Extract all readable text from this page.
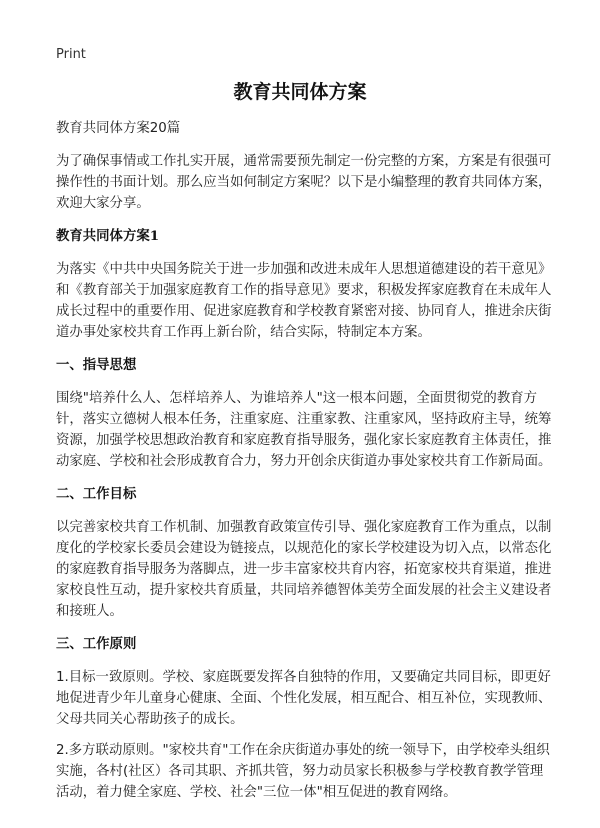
Print
教育共同体方案

教育共同体方案20篇

为了确保事情或工作扎实开展，通常需要预先制定一份完整的方案，方案是有很强可操作性的书面计划。那么应当如何制定方案呢？以下是小编整理的教育共同体方案，欢迎大家分享。

教育共同体方案1

为落实《中共中央国务院关于进一步加强和改进未成年人思想道德建设的若干意见》和《教育部关于加强家庭教育工作的指导意见》要求，积极发挥家庭教育在未成年人成长过程中的重要作用、促进家庭教育和学校教育紧密对接、协同育人，推进余庆街道办事处家校共育工作再上新台阶，结合实际，特制定本方案。

一、指导思想

围绕"培养什么人、怎样培养人、为谁培养人"这一根本问题，全面贯彻党的教育方针，落实立德树人根本任务，注重家庭、注重家教、注重家风，坚持政府主导，统筹资源，加强学校思想政治教育和家庭教育指导服务，强化家长家庭教育主体责任，推动家庭、学校和社会形成教育合力，努力开创余庆街道办事处家校共育工作新局面。

二、工作目标

以完善家校共育工作机制、加强教育政策宣传引导、强化家庭教育工作为重点，以制度化的学校家长委员会建设为链接点，以规范化的家长学校建设为切入点，以常态化的家庭教育指导服务为落脚点，进一步丰富家校共育内容，拓宽家校共育渠道，推进家校良性互动，提升家校共育质量，共同培养德智体美劳全面发展的社会主义建设者和接班人。

三、工作原则

1.目标一致原则。学校、家庭既要发挥各自独特的作用，又要确定共同目标，即更好地促进青少年儿童身心健康、全面、个性化发展，相互配合、相互补位，实现教师、父母共同关心帮助孩子的成长。

2.多方联动原则。"家校共育"工作在余庆街道办事处的统一领导下，由学校牵头组织实施，各村(社区）各司其职、齐抓共管，努力动员家长积极参与学校教育教学管理活动，着力健全家庭、学校、社会"三位一体"相互促进的教育网络。
